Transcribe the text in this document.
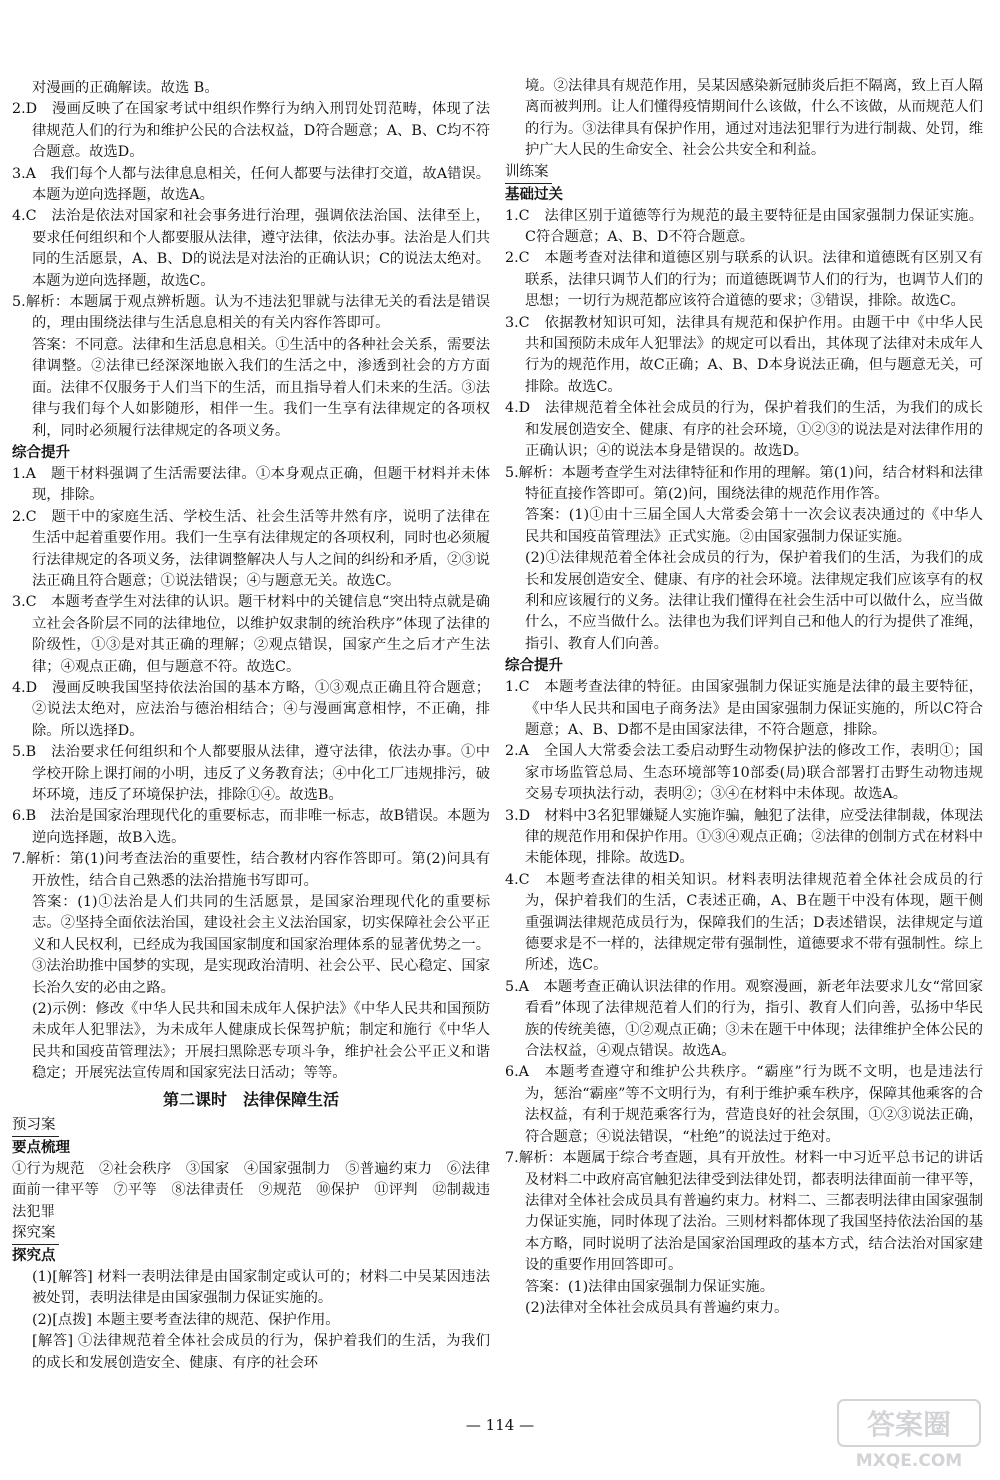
对漫画的正确解读。故选 B。

2.D　漫画反映了在国家考试中组织作弊行为纳入刑罚处罚范畴，体现了法律规范人们的行为和维护公民的合法权益，D符合题意；A、B、C均不符合题意。故选D。

3.A　我们每个人都与法律息息相关，任何人都要与法律打交道，故A错误。本题为逆向选择题，故选A。

4.C　法治是依法对国家和社会事务进行治理，强调依法治国、法律至上，要求任何组织和个人都要服从法律，遵守法律，依法办事。法治是人们共同的生活愿景，A、B、D的说法是对法治的正确认识；C的说法太绝对。本题为逆向选择题，故选C。

5.解析：本题属于观点辨析题。认为不违法犯罪就与法律无关的看法是错误的，理由围绕法律与生活息息相关的有关内容作答即可。

答案：不同意。法律和生活息息相关。①生活中的各种社会关系，需要法律调整。②法律已经深深地嵌入我们的生活之中，渗透到社会的方方面面。法律不仅服务于人们当下的生活，而且指导着人们未来的生活。③法律与我们每个人如影随形，相伴一生。我们一生享有法律规定的各项权利，同时必须履行法律规定的各项义务。

综合提升

1.A　题干材料强调了生活需要法律。①本身观点正确，但题干材料并未体现，排除。

2.C　题干中的家庭生活、学校生活、社会生活等井然有序，说明了法律在生活中起着重要作用。我们一生享有法律规定的各项权利，同时也必须履行法律规定的各项义务，法律调整解决人与人之间的纠纷和矛盾，②③说法正确且符合题意；①说法错误；④与题意无关。故选C。

3.C　本题考查学生对法律的认识。题干材料中的关键信息“突出特点就是确立社会各阶层不同的法律地位，以维护奴隶制的统治秩序”体现了法律的阶级性，①③是对其正确的理解；②观点错误，国家产生之后才产生法律；④观点正确，但与题意不符。故选C。

4.D　漫画反映我国坚持依法治国的基本方略，①③观点正确且符合题意；②说法太绝对，应法治与德治相结合；④与漫画寓意相悖，不正确，排除。所以选择D。

5.B　法治要求任何组织和个人都要服从法律，遵守法律，依法办事。①中学校开除上课打闹的小明，违反了义务教育法；④中化工厂违规排污，破坏环境，违反了环境保护法，排除①④。故选B。

6.B　法治是国家治理现代化的重要标志，而非唯一标志，故B错误。本题为逆向选择题，故B入选。

7.解析：第(1)问考查法治的重要性，结合教材内容作答即可。第(2)问具有开放性，结合自己熟悉的法治措施书写即可。

答案：(1)①法治是人们共同的生活愿景，是国家治理现代化的重要标志。②坚持全面依法治国，建设社会主义法治国家，切实保障社会公平正义和人民权利，已经成为我国国家制度和国家治理体系的显著优势之一。③法治助推中国梦的实现，是实现政治清明、社会公平、民心稳定、国家长治久安的必由之路。

(2)示例：修改《中华人民共和国未成年人保护法》《中华人民共和国预防未成年人犯罪法》，为未成年人健康成长保驾护航；制定和施行《中华人民共和国疫苗管理法》；开展扫黑除恶专项斗争，维护社会公平正义和谐稳定；开展宪法宣传周和国家宪法日活动；等等。

第二课时　法律保障生活

预习案

要点梳理

①行为规范　②社会秩序　③国家　④国家强制力　⑤普遍约束力　⑥法律面前一律平等　⑦平等　⑧法律责任　⑨规范　⑩保护　⑪评判　⑫制裁违法犯罪

探究案

探究点

(1)[解答] 材料一表明法律是由国家制定或认可的；材料二中吴某因违法被处罚，表明法律是由国家强制力保证实施的。

(2)[点拨] 本题主要考查法律的规范、保护作用。

[解答] ①法律规范着全体社会成员的行为，保护着我们的生活，为我们的成长和发展创造安全、健康、有序的社会环

境。②法律具有规范作用，吴某因感染新冠肺炎后拒不隔离，致上百人隔离而被判刑。让人们懂得疫情期间什么该做，什么不该做，从而规范人们的行为。③法律具有保护作用，通过对违法犯罪行为进行制裁、处罚，维护广大人民的生命安全、社会公共安全和利益。

训练案

基础过关

1.C　法律区别于道德等行为规范的最主要特征是由国家强制力保证实施。C符合题意；A、B、D不符合题意。

2.C　本题考查对法律和道德区别与联系的认识。法律和道德既有区别又有联系，法律只调节人们的行为；而道德既调节人们的行为，也调节人们的思想；一切行为规范都应该符合道德的要求；③错误，排除。故选C。

3.C　依据教材知识可知，法律具有规范和保护作用。由题干中《中华人民共和国预防未成年人犯罪法》的规定可以看出，其体现了法律对未成年人行为的规范作用，故C正确；A、B、D本身说法正确，但与题意无关，可排除。故选C。

4.D　法律规范着全体社会成员的行为，保护着我们的生活，为我们的成长和发展创造安全、健康、有序的社会环境，①②③的说法是对法律作用的正确认识；④的说法本身是错误的。故选D。

5.解析：本题考查学生对法律特征和作用的理解。第(1)问，结合材料和法律特征直接作答即可。第(2)问，围绕法律的规范作用作答。

答案：(1)①由十三届全国人大常委会第十一次会议表决通过的《中华人民共和国疫苗管理法》正式实施。②由国家强制力保证实施。

(2)①法律规范着全体社会成员的行为，保护着我们的生活，为我们的成长和发展创造安全、健康、有序的社会环境。法律规定我们应该享有的权利和应该履行的义务。法律让我们懂得在社会生活中可以做什么，应当做什么，不应当做什么。法律也为我们评判自己和他人的行为提供了准绳，指引、教育人们向善。

综合提升

1.C　本题考查法律的特征。由国家强制力保证实施是法律的最主要特征，《中华人民共和国电子商务法》是由国家强制力保证实施的，所以C符合题意；A、B、D都不是由国家法律，不符合题意，排除。

2.A　全国人大常委会法工委启动野生动物保护法的修改工作，表明①；国家市场监管总局、生态环境部等10部委(局)联合部署打击野生动物违规交易专项执法行动，表明②；③④在材料中未体现。故选A。

3.D　材料中3名犯罪嫌疑人实施诈骗，触犯了法律，应受法律制裁，体现法律的规范作用和保护作用。①③④观点正确；②法律的创制方式在材料中未能体现，排除。故选D。

4.C　本题考查法律的相关知识。材料表明法律规范着全体社会成员的行为，保护着我们的生活，C表述正确，A、B在题干中没有体现，题干侧重强调法律规范成员行为，保障我们的生活；D表述错误，法律规定与道德要求是不一样的，法律规定带有强制性，道德要求不带有强制性。综上所述，选C。

5.A　本题考查正确认识法律的作用。观察漫画，新老年法要求儿女“常回家看看”体现了法律规范着人们的行为，指引、教育人们向善，弘扬中华民族的传统美德，①②观点正确；③未在题干中体现；法律维护全体公民的合法权益，④观点错误。故选A。

6.A　本题考查遵守和维护公共秩序。“霸座”行为既不文明，也是违法行为，惩治“霸座”等不文明行为，有利于维护乘车秩序，保障其他乘客的合法权益，有利于规范乘客行为，营造良好的社会氛围，①②③说法正确，符合题意；④说法错误，“杜绝”的说法过于绝对。

7.解析：本题属于综合考查题，具有开放性。材料一中习近平总书记的讲话及材料二中政府高官触犯法律受到法律处罚，都表明法律面前一律平等，法律对全体社会成员具有普遍约束力。材料二、三都表明法律由国家强制力保证实施，同时体现了法治。三则材料都体现了我国坚持依法治国的基本方略，同时说明了法治是国家治国理政的基本方式，结合法治对国家建设的重要作用回答即可。

答案：(1)法律由国家强制力保证实施。

(2)法律对全体社会成员具有普遍约束力。

— 114 —	答案圈
MXQE.COM
